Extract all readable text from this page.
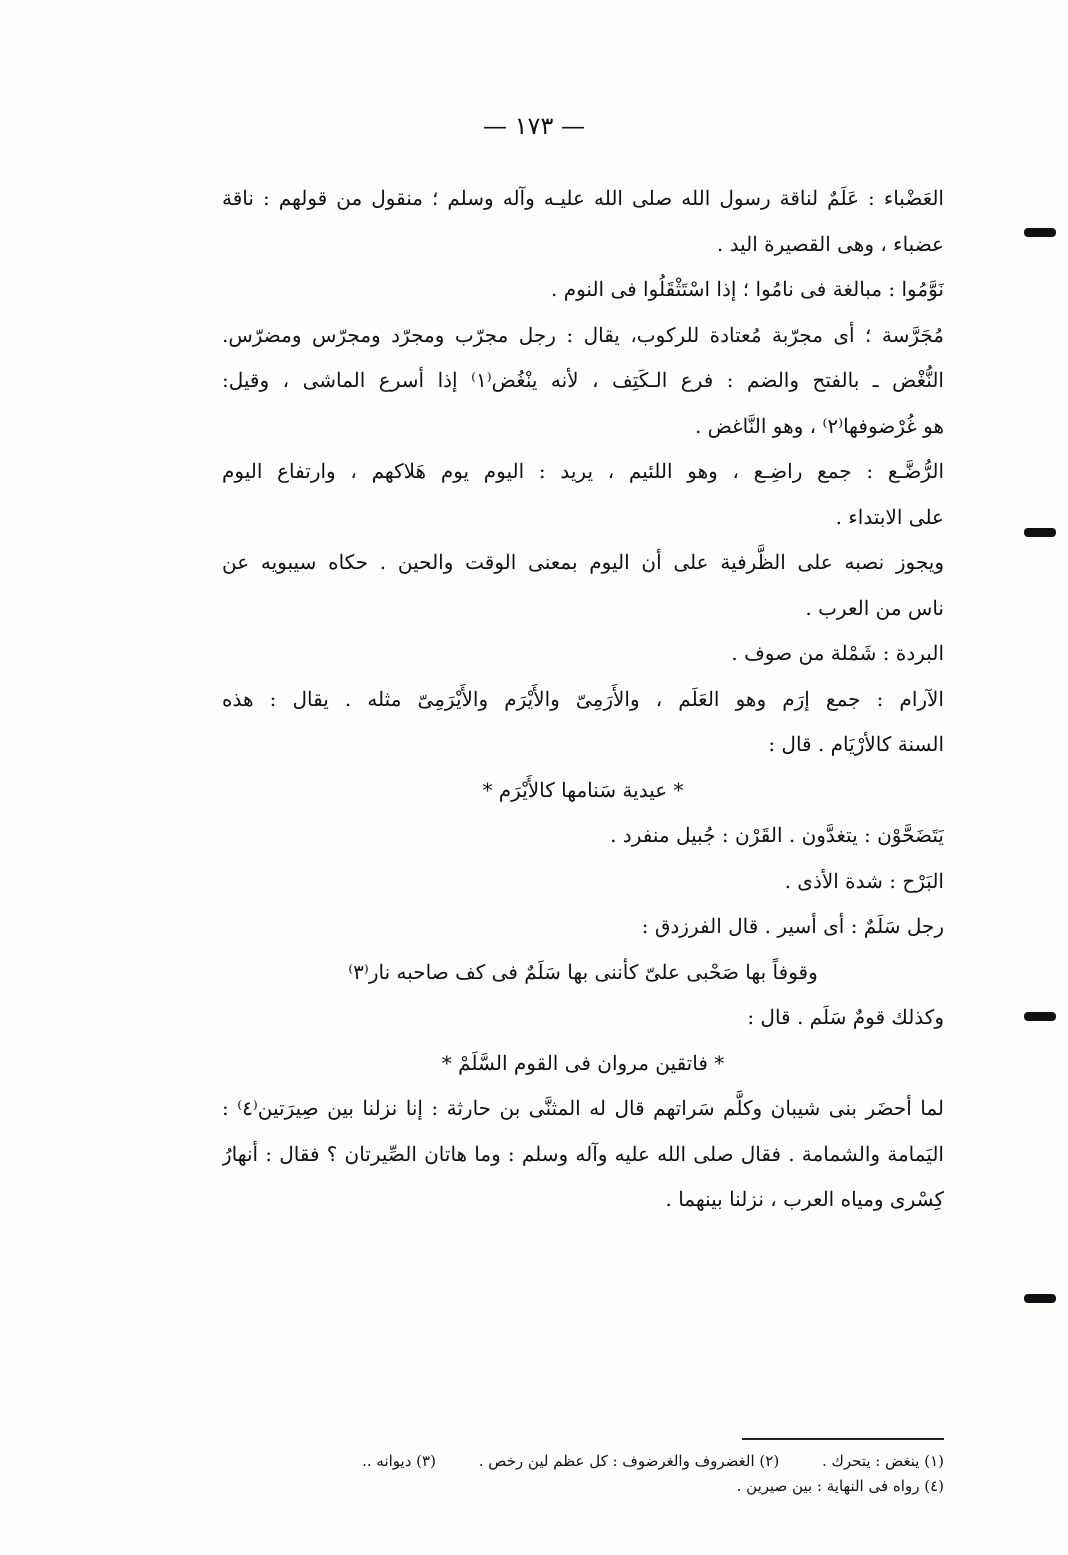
— ١٧٣ —
العَضْباء : عَلَمٌ لناقة رسول الله صلى الله عليـه وآله وسلم ؛ منقول من قولهم : ناقة
عضباء ، وهى القصيرة اليد .
نَوَّمُوا : مبالغة فى نامُوا ؛ إذا اسْتَثْقَلُوا فى النوم .
مُجَرَّسة ؛ أى مجرّبة مُعتادة للركوب، يقال : رجل مجرّب ومجرّد ومجرّس ومضرّس.
النُّغْض ـ بالفتح والضم : فرع الـكَتِف ، لأنه ينْغُض⁽١⁾ إذا أسرع الماشى ، وقيل:
هو غُرْضوفها⁽٢⁾ ، وهو النَّاغض .
الرُّضَّـع : جمع راضِـع ، وهو اللئيم ، يريد : اليوم يوم هَلاكهم ، وارتفاع اليوم
على الابتداء .
ويجوز نصبه على الظَّرفية على أن اليوم بمعنى الوقت والحين . حكاه سيبويه عن
ناس من العرب .
البردة : شَمْلة من صوف .
الآرام : جمع إرَم وهو العَلَم ، والأَرَمِىّ والأَيْرَم والأَيْرَمِىّ مثله . يقال : هذه
السنة كالأرْيَام . قال :
* عيدية سَنامها كالأَيْرَم *
يَتَضَحَّوْن : يتغدَّون . القَرْن : جُبيل منفرد .
البَرْح : شدة الأذى .
رجل سَلَمٌ : أى أسير . قال الفرزدق :
وقوفاً بها صَحْبى علىّ كأننى بها سَلَمٌ فى كف صاحبه نار⁽٣⁾
وكذلك قومٌ سَلَم . قال :
* فاتقين مروان فى القوم السَّلَمْ *
لما أحضَر بنى شيبان وكلَّم سَراتهم قال له المثنَّى بن حارثة : إنا نزلنا بين صِيرَتين⁽٤⁾ :
اليَمامة والشمامة . فقال صلى الله عليه وآله وسلم : وما هاتان الصِّيرتان ؟ فقال : أنهارُ
كِسْرى ومياه العرب ، نزلنا بينهما .
(١) ينغض : يتحرك . (٢) الغضروف والغرضوف : كل عظم لين رخص . (٣) ديوانه ..
(٤) رواه فى النهاية : بين صيرين .
